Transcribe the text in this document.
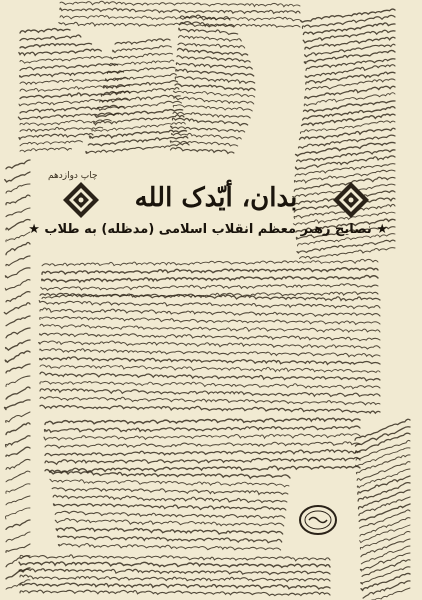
چاپ دوازدهم
بدان، أیّدک الله
★ نصایح رهبر معظم انقلاب اسلامی (مدظله) به طلاب ★
